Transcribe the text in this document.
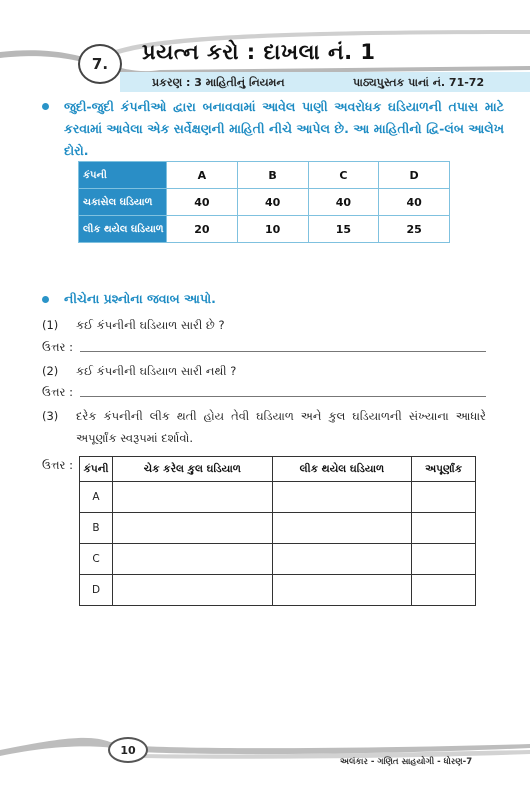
7.	પ્રયત્ન કરો : દાખલા નં. 1
પ્રકરણ : 3 માહિતીનું નિયમન	પાઠ્યપુસ્તક પાનાં નં. 71-72
જુદી-જુદી કંપનીઓ દ્વારા બનાવવામાં આવેલ પાણી અવરોધક ઘડિયાળની તપાસ માટે કરવામાં આવેલા એક સર્વેક્ષણની માહિતી નીચે આપેલ છે. આ માહિતીનો દ્વિ-લંબ આલેખ દોરો.
કંપની	A	B	C	D
ચકાસેલ ઘડિયાળ	40	40	40	40
લીક થયેલ ઘડિયાળ	20	10	15	25
નીચેના પ્રશ્નોના જવાબ આપો.
(1) કઈ કંપનીની ઘડિયાળ સારી છે ?
ઉત્તર :
(2) કઈ કંપનીની ઘડિયાળ સારી નથી ?
ઉત્તર :
(3) દરેક કંપનીની લીક થતી હોય તેવી ઘડિયાળ અને કુલ ઘડિયાળની સંખ્યાના આધારે
અપૂર્ણાંક સ્વરૂપમાં દર્શાવો.
ઉત્તર : કંપની	ચેક કરેલ કુલ ઘડિયાળ	લીક થયેલ ઘડિયાળ	અપૂર્ણાંક
A			
B			
C			
D			
10
અલંકાર - ગણિત સાહયોગી - ધોરણ-7
